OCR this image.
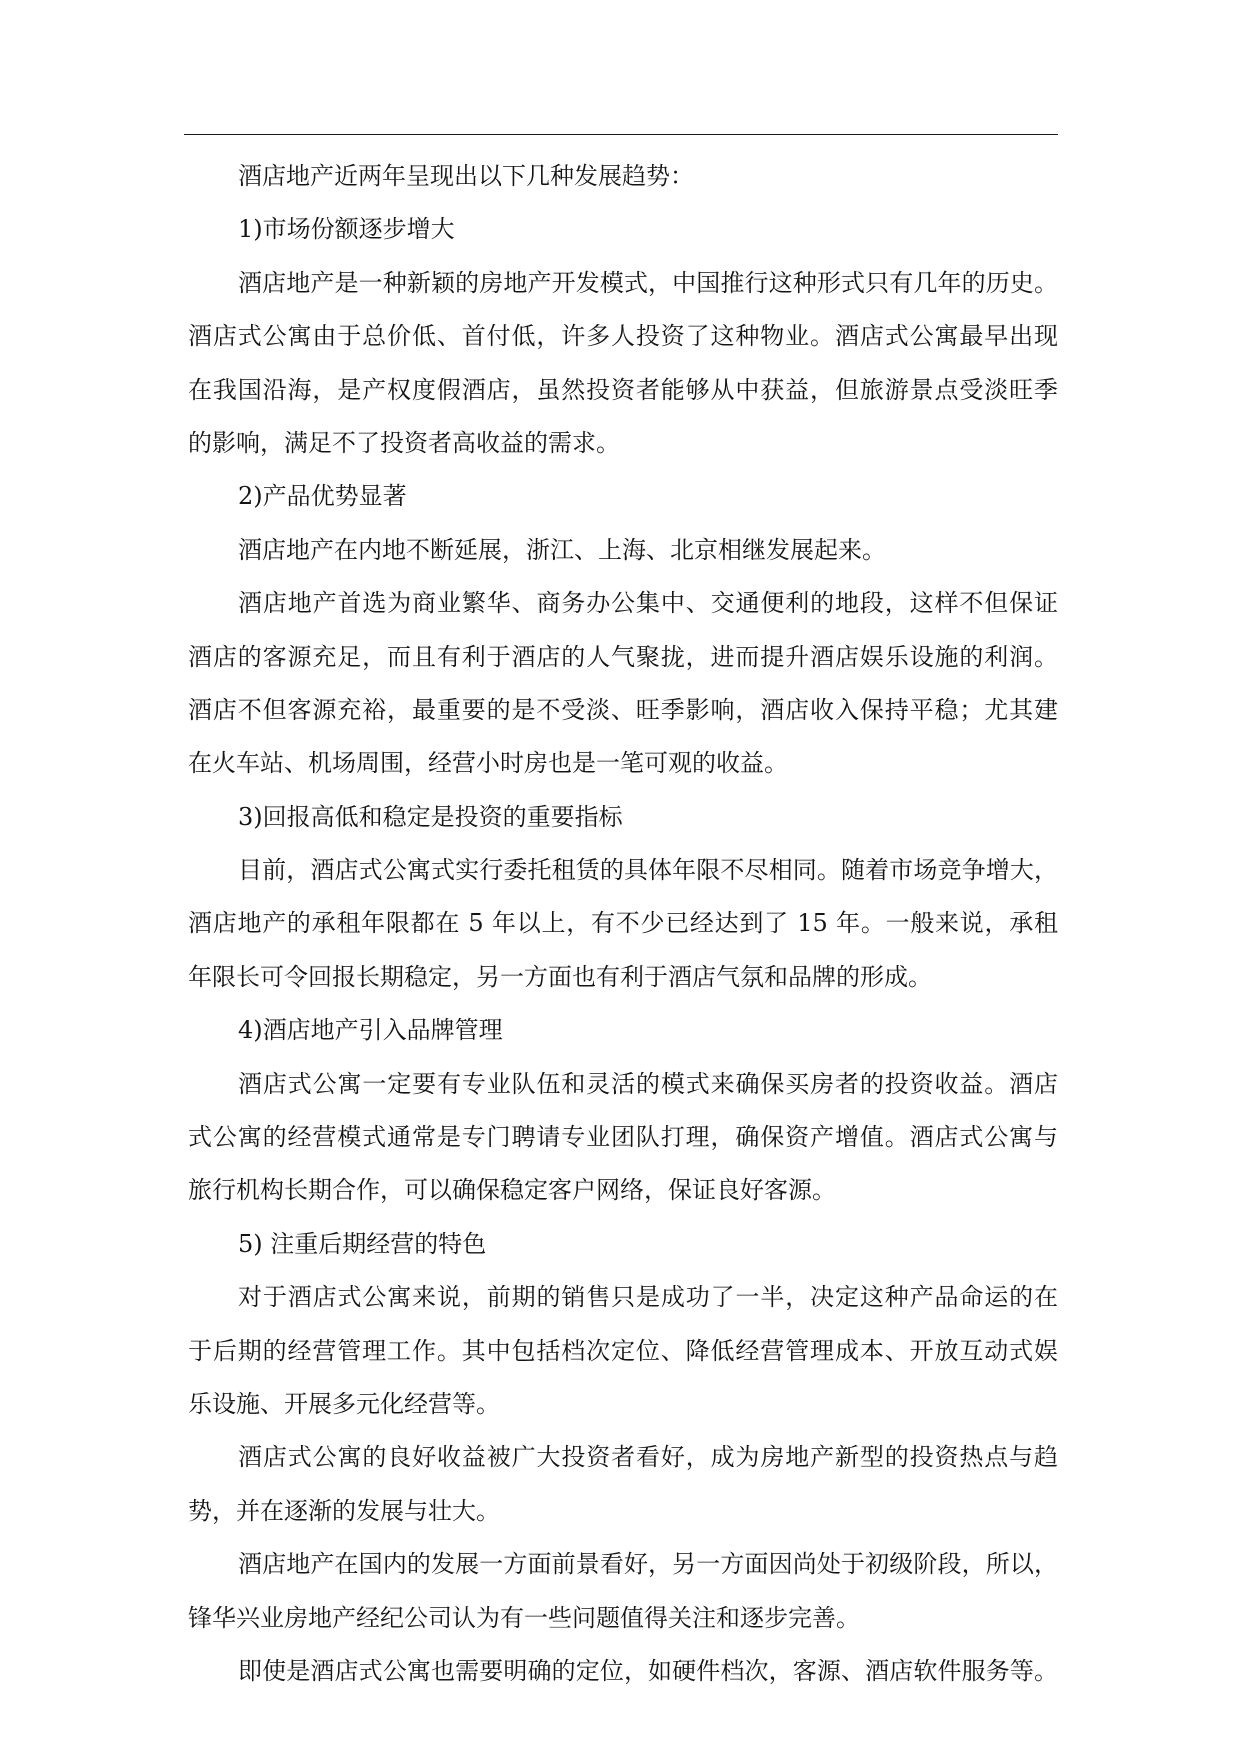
酒店地产近两年呈现出以下几种发展趋势：
1)市场份额逐步增大
酒店地产是一种新颖的房地产开发模式，中国推行这种形式只有几年的历史。
酒店式公寓由于总价低、首付低，许多人投资了这种物业。酒店式公寓最早出现
在我国沿海，是产权度假酒店，虽然投资者能够从中获益，但旅游景点受淡旺季
的影响，满足不了投资者高收益的需求。
2)产品优势显著
酒店地产在内地不断延展，浙江、上海、北京相继发展起来。
酒店地产首选为商业繁华、商务办公集中、交通便利的地段，这样不但保证
酒店的客源充足，而且有利于酒店的人气聚拢，进而提升酒店娱乐设施的利润。
酒店不但客源充裕，最重要的是不受淡、旺季影响，酒店收入保持平稳；尤其建
在火车站、机场周围，经营小时房也是一笔可观的收益。
3)回报高低和稳定是投资的重要指标
目前，酒店式公寓式实行委托租赁的具体年限不尽相同。随着市场竞争增大，
酒店地产的承租年限都在 5 年以上，有不少已经达到了 15 年。一般来说，承租
年限长可令回报长期稳定，另一方面也有利于酒店气氛和品牌的形成。
4)酒店地产引入品牌管理
酒店式公寓一定要有专业队伍和灵活的模式来确保买房者的投资收益。酒店
式公寓的经营模式通常是专门聘请专业团队打理，确保资产增值。酒店式公寓与
旅行机构长期合作，可以确保稳定客户网络，保证良好客源。
5) 注重后期经营的特色
对于酒店式公寓来说，前期的销售只是成功了一半，决定这种产品命运的在
于后期的经营管理工作。其中包括档次定位、降低经营管理成本、开放互动式娱
乐设施、开展多元化经营等。
酒店式公寓的良好收益被广大投资者看好，成为房地产新型的投资热点与趋
势，并在逐渐的发展与壮大。
酒店地产在国内的发展一方面前景看好，另一方面因尚处于初级阶段，所以，
锋华兴业房地产经纪公司认为有一些问题值得关注和逐步完善。
即使是酒店式公寓也需要明确的定位，如硬件档次，客源、酒店软件服务等。
